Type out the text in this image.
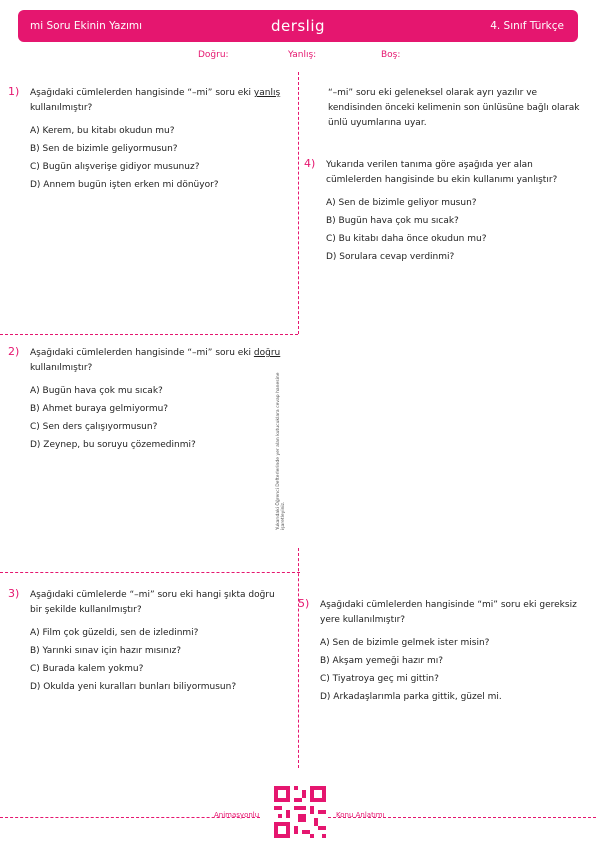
mi Soru Ekinin Yazımı	derslig	4. Sınıf Türkçe
Doğru:	Yanlış:	Boş:
1) Aşağıdaki cümlelerden hangisinde “–mi” soru eki yanlış kullanılmıştır?

A) Kerem, bu kitabı okudun mu?

B) Sen de bizimle geliyormusun?

C) Bugün alışverişe gidiyor musunuz?

D) Annem bugün işten erken mi dönüyor?

“–mi” soru eki geleneksel olarak ayrı yazılır ve kendisinden önceki kelimenin son ünlüsüne bağlı olarak ünlü uyumlarına uyar.

4) Yukarıda verilen tanıma göre aşağıda yer alan cümlelerden hangisinde bu ekin kullanımı yanlıştır?

A) Sen de bizimle geliyor musun?

B) Bugün hava çok mu sıcak?

C) Bu kitabı daha önce okudun mu?

D) Sorulara cevap verdinmi?

2) Aşağıdaki cümlelerden hangisinde “–mi” soru eki doğru kullanılmıştır?

A) Bugün hava çok mu sıcak?

B) Ahmet buraya gelmiyormu?

C) Sen ders çalışıyormusun?

D) Zeynep, bu soruyu çözemedinmi?	Yukarıdaki Öğrenci Defterlerinde yer alan kutucuklara cevap hanesine işaretleyiniz.
3) Aşağıdaki cümlelerde “–mi” soru eki hangi şıkta doğru bir şekilde kullanılmıştır?

A) Film çok güzeldi, sen de izledinmi?

B) Yarınki sınav için hazır mısınız?

C) Burada kalem yokmu?

D) Okulda yeni kuralları bunları biliyormusun?

5) Aşağıdaki cümlelerden hangisinde “mi” soru eki gereksiz yere kullanılmıştır?

A) Sen de bizimle gelmek ister misin?

B) Akşam yemeği hazır mı?

C) Tiyatroya geç mi gittin?

D) Arkadaşlarımla parka gittik, güzel mi.

Animasyonlu	Konu Anlatımı
